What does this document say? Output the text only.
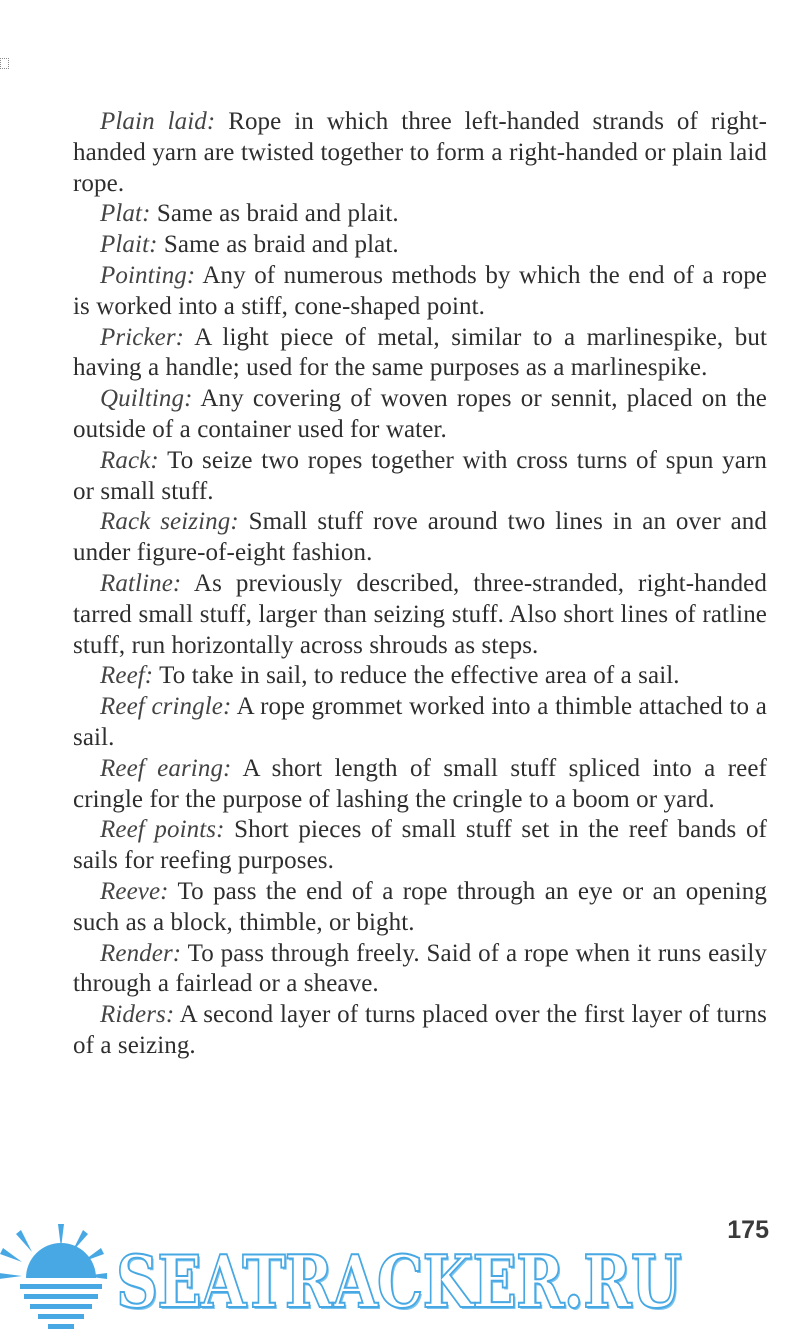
Plain laid: Rope in which three left-handed strands of right-handed yarn are twisted together to form a right-handed or plain laid rope.

Plat: Same as braid and plait.

Plait: Same as braid and plat.

Pointing: Any of numerous methods by which the end of a rope is worked into a stiff, cone-shaped point.

Pricker: A light piece of metal, similar to a marlinespike, but having a handle; used for the same purposes as a marlinespike.

Quilting: Any covering of woven ropes or sennit, placed on the outside of a container used for water.

Rack: To seize two ropes together with cross turns of spun yarn or small stuff.

Rack seizing: Small stuff rove around two lines in an over and under figure-of-eight fashion.

Ratline: As previously described, three-stranded, right-handed tarred small stuff, larger than seizing stuff. Also short lines of ratline stuff, run horizontally across shrouds as steps.

Reef: To take in sail, to reduce the effective area of a sail.

Reef cringle: A rope grommet worked into a thimble attached to a sail.

Reef earing: A short length of small stuff spliced into a reef cringle for the purpose of lashing the cringle to a boom or yard.

Reef points: Short pieces of small stuff set in the reef bands of sails for reefing purposes.

Reeve: To pass the end of a rope through an eye or an opening such as a block, thimble, or bight.

Render: To pass through freely. Said of a rope when it runs easily through a fairlead or a sheave.

Riders: A second layer of turns placed over the first layer of turns of a seizing.

175
SEATRACKER.RU
